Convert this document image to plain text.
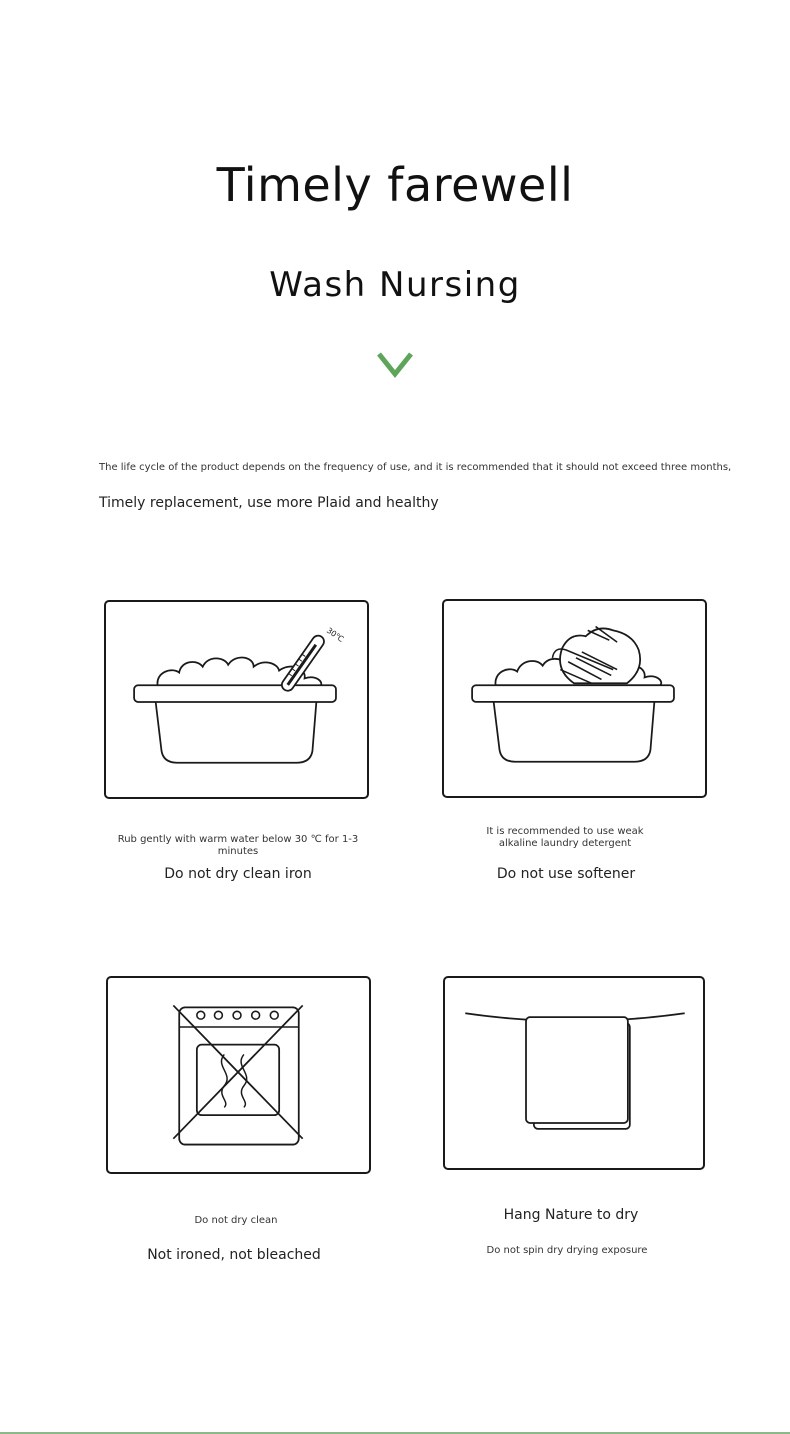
Timely farewell
Wash Nursing
The life cycle of the product depends on the frequency of use, and it is recommended that it should not exceed three months,
Timely replacement, use more Plaid and healthy
30℃
Rub gently with warm water below 30 ℃ for 1-3 minutes
Do not dry clean iron
It is recommended to use weak alkaline laundry detergent
Do not use softener
Do not dry clean
Not ironed, not bleached
Hang Nature to dry
Do not spin dry drying exposure
